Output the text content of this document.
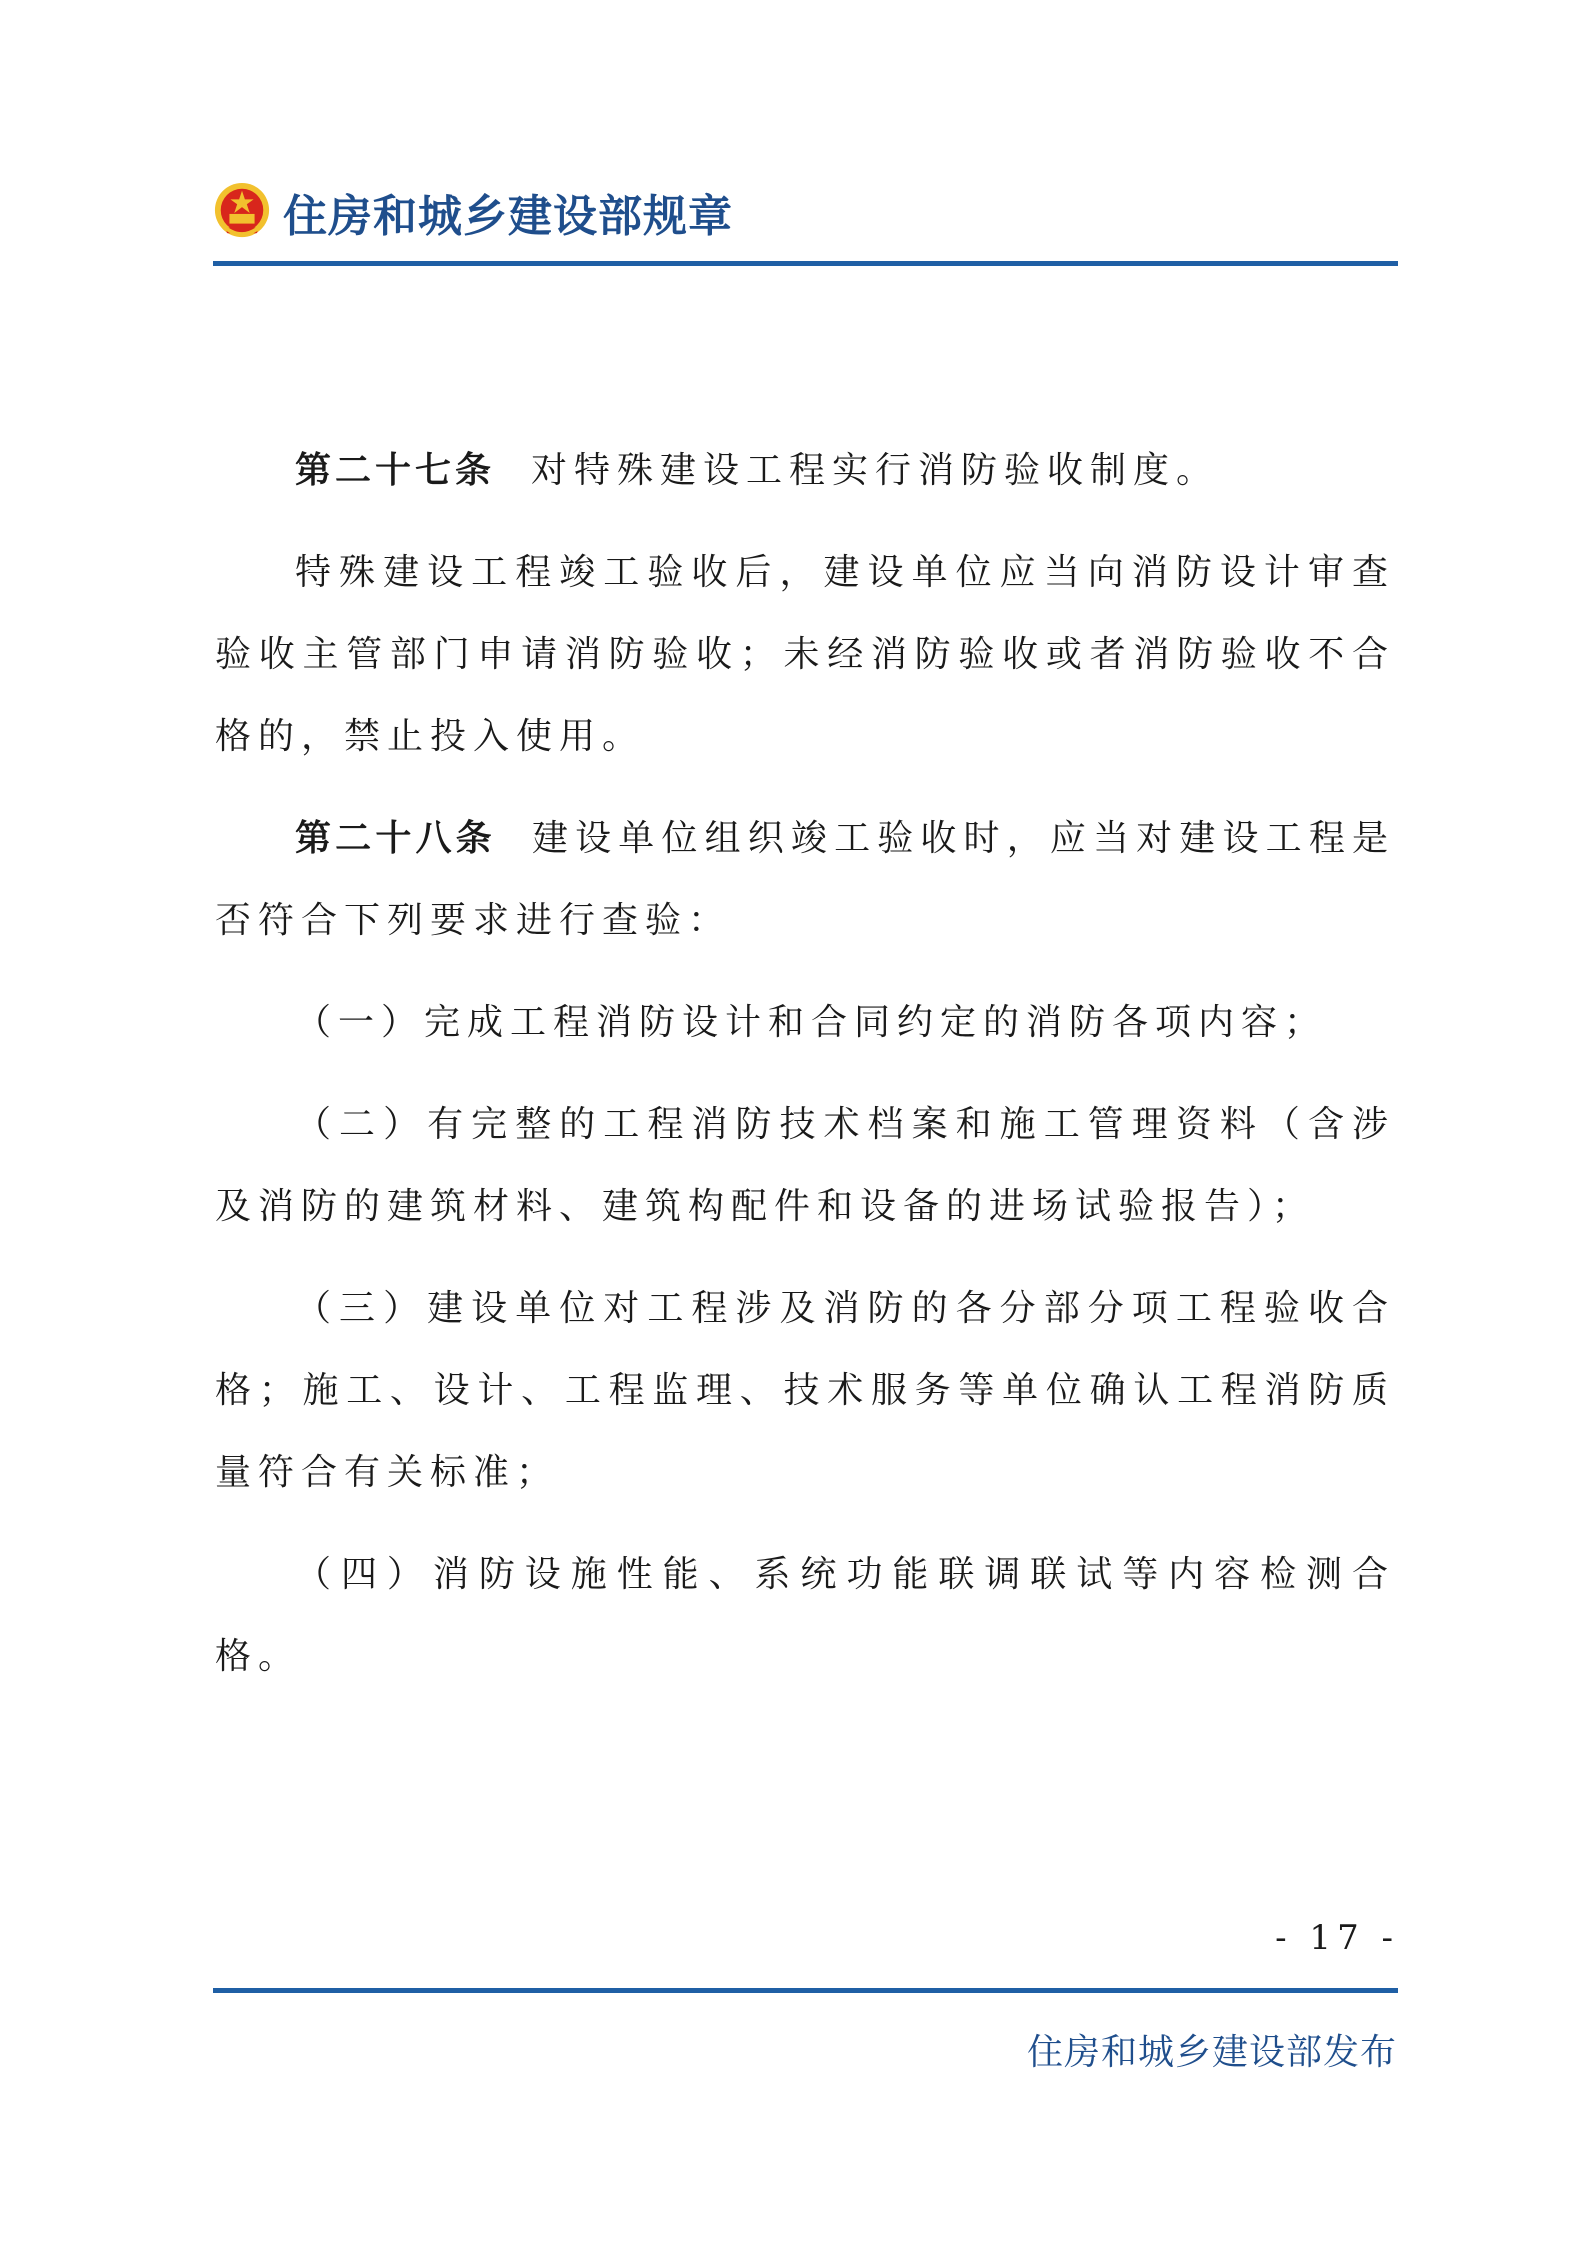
住房和城乡建设部规章

第二十七条 对特殊建设工程实行消防验收制度。

特殊建设工程竣工验收后，建设单位应当向消防设计审查验收主管部门申请消防验收；未经消防验收或者消防验收不合格的，禁止投入使用。

第二十八条 建设单位组织竣工验收时，应当对建设工程是否符合下列要求进行查验：

（一）完成工程消防设计和合同约定的消防各项内容；

（二）有完整的工程消防技术档案和施工管理资料（含涉及消防的建筑材料、建筑构配件和设备的进场试验报告）；

（三）建设单位对工程涉及消防的各分部分项工程验收合格；施工、设计、工程监理、技术服务等单位确认工程消防质量符合有关标准；

（四）消防设施性能、系统功能联调联试等内容检测合格。

- 17 -
住房和城乡建设部发布
